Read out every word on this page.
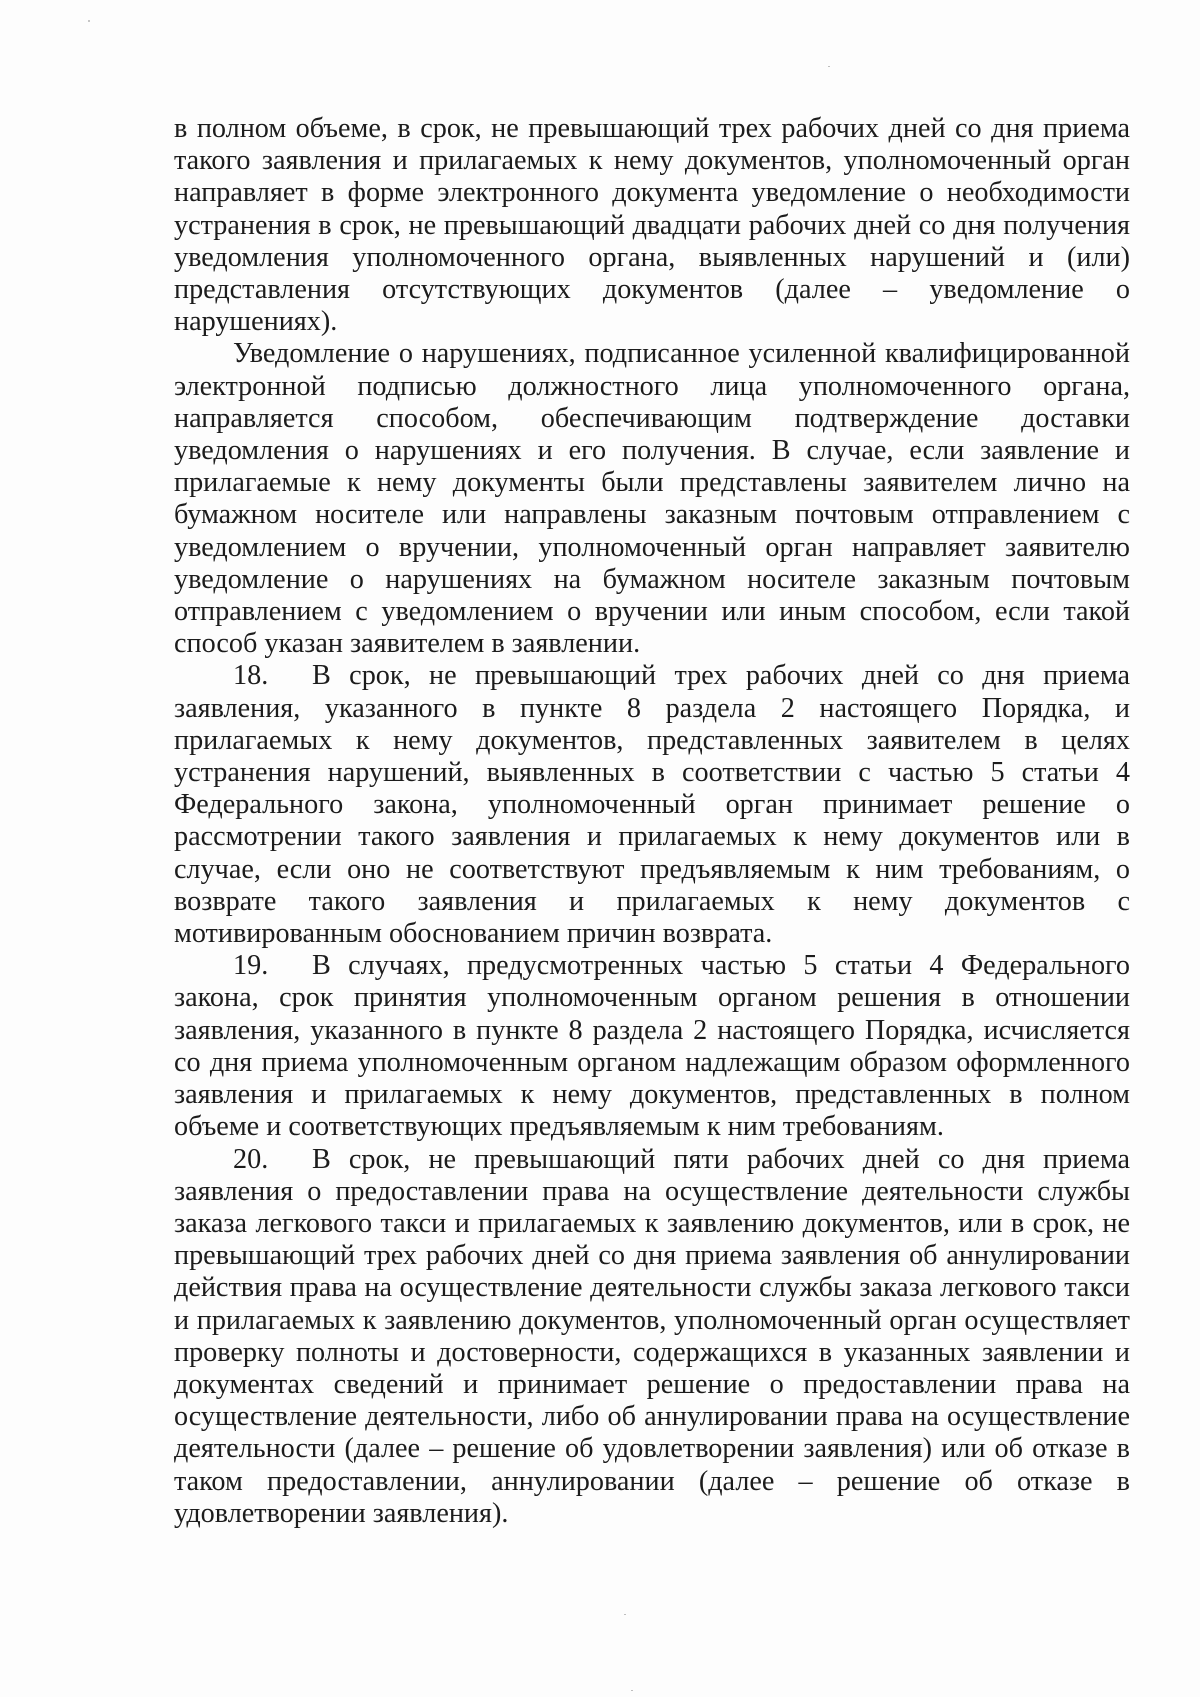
в полном объеме, в срок, не превышающий трех рабочих дней со дня приема такого заявления и прилагаемых к нему документов, уполномоченный орган направляет в форме электронного документа уведомление о необходимости устранения в срок, не превышающий двадцати рабочих дней со дня получения уведомления уполномоченного органа, выявленных нарушений и (или) представления отсутствующих документов (далее – уведомление о нарушениях).

Уведомление о нарушениях, подписанное усиленной квалифицированной электронной подписью должностного лица уполномоченного органа, направляется способом, обеспечивающим подтверждение доставки уведомления о нарушениях и его получения. В случае, если заявление и прилагаемые к нему документы были представлены заявителем лично на бумажном носителе или направлены заказным почтовым отправлением с уведомлением о вручении, уполномоченный орган направляет заявителю уведомление о нарушениях на бумажном носителе заказным почтовым отправлением с уведомлением о вручении или иным способом, если такой способ указан заявителем в заявлении.

18. В срок, не превышающий трех рабочих дней со дня приема заявления, указанного в пункте 8 раздела 2 настоящего Порядка, и прилагаемых к нему документов, представленных заявителем в целях устранения нарушений, выявленных в соответствии с частью 5 статьи 4 Федерального закона, уполномоченный орган принимает решение о рассмотрении такого заявления и прилагаемых к нему документов или в случае, если оно не соответствуют предъявляемым к ним требованиям, о возврате такого заявления и прилагаемых к нему документов с мотивированным обоснованием причин возврата.

19. В случаях, предусмотренных частью 5 статьи 4 Федерального закона, срок принятия уполномоченным органом решения в отношении заявления, указанного в пункте 8 раздела 2 настоящего Порядка, исчисляется со дня приема уполномоченным органом надлежащим образом оформленного заявления и прилагаемых к нему документов, представленных в полном объеме и соответствующих предъявляемым к ним требованиям.

20. В срок, не превышающий пяти рабочих дней со дня приема заявления о предоставлении права на осуществление деятельности службы заказа легкового такси и прилагаемых к заявлению документов, или в срок, не превышающий трех рабочих дней со дня приема заявления об аннулировании действия права на осуществление деятельности службы заказа легкового такси и прилагаемых к заявлению документов, уполномоченный орган осуществляет проверку полноты и достоверности, содержащихся в указанных заявлении и документах сведений и принимает решение о предоставлении права на осуществление деятельности, либо об аннулировании права на осуществление деятельности (далее – решение об удовлетворении заявления) или об отказе в таком предоставлении, аннулировании (далее – решение об отказе в удовлетворении заявления).
